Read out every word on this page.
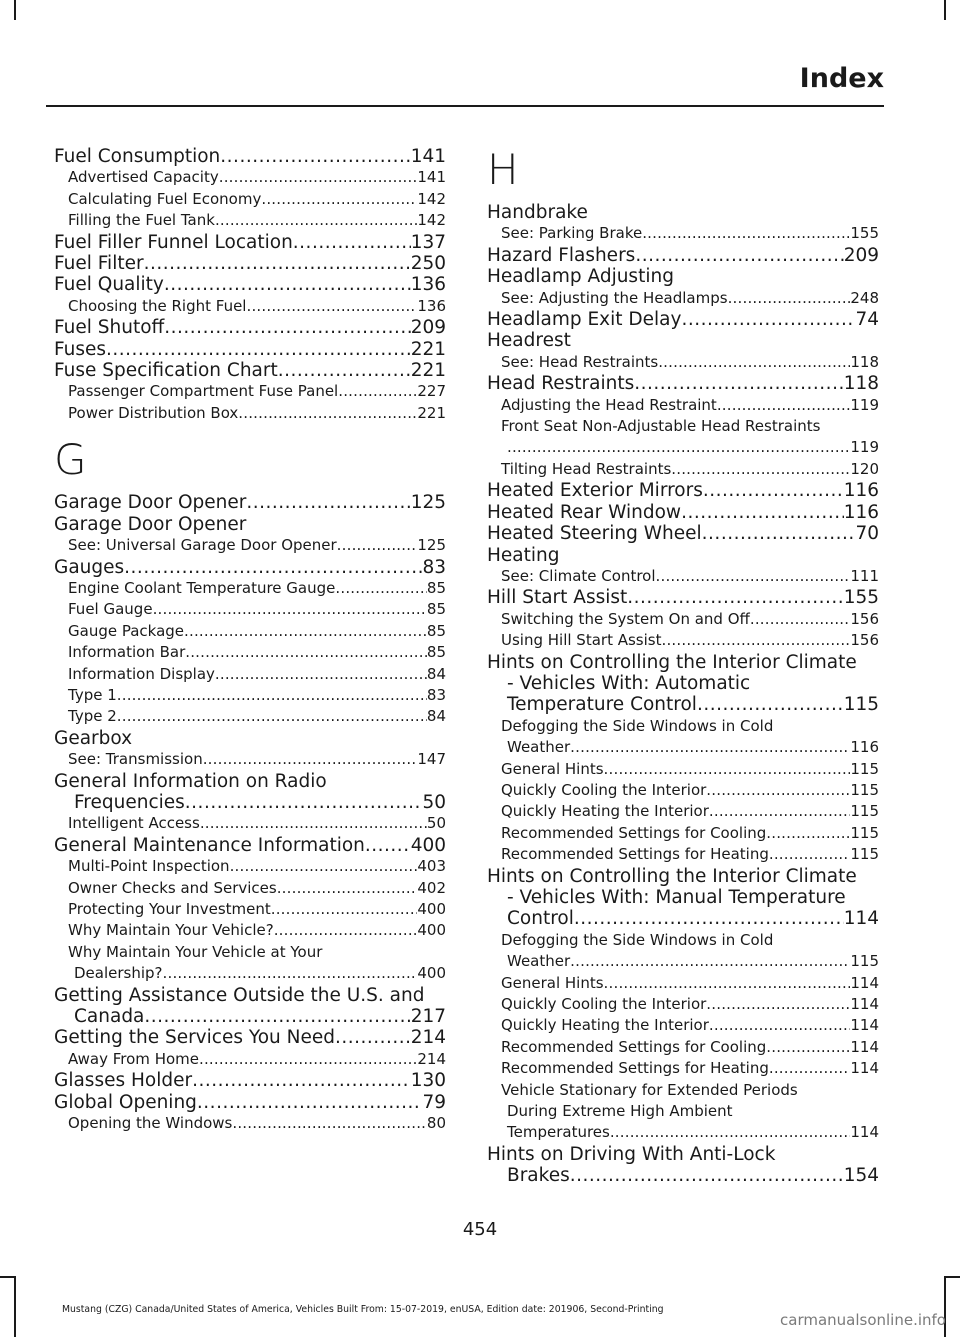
Index
Fuel Consumption .....	141
Advertised Capacity .....	141
Calculating Fuel Economy .....	142
Filling the Fuel Tank .....	142
Fuel Filler Funnel Location .....	137
Fuel Filter .....	250
Fuel Quality .....	136
Choosing the Right Fuel .....	136
Fuel Shutoff .....	209
Fuses .....	221
Fuse Specification Chart .....	221
Passenger Compartment Fuse Panel .....	227
Power Distribution Box .....	221
G
Garage Door Opener .....	125
Garage Door Opener
See: Universal Garage Door Opener .....	125
Gauges .....	83
Engine Coolant Temperature Gauge .....	85
Fuel Gauge .....	85
Gauge Package .....	85
Information Bar .....	85
Information Display .....	84
Type 1 .....	83
Type 2 .....	84
Gearbox
See: Transmission .....	147
General Information on Radio
Frequencies .....	50
Intelligent Access .....	50
General Maintenance Information ..... 400
Multi-Point Inspection .....	403
Owner Checks and Services .....	402
Protecting Your Investment .....	400
Why Maintain Your Vehicle? .....	400
Why Maintain Your Vehicle at Your
Dealership? .....	400
Getting Assistance Outside the U.S. and
Canada .....	217
Getting the Services You Need .....	214
Away From Home .....	214
Glasses Holder .....	130
Global Opening .....	79
Opening the Windows .....	80
H
Handbrake
See: Parking Brake .....	155
Hazard Flashers .....	209
Headlamp Adjusting
See: Adjusting the Headlamps .....	248
Headlamp Exit Delay .....	74
Headrest
See: Head Restraints .....	118
Head Restraints .....	118
Adjusting the Head Restraint .....	119
Front Seat Non-Adjustable Head Restraints
.....
119
Tilting Head Restraints .....	120
Heated Exterior Mirrors .....	116
Heated Rear Window .....	116
Heated Steering Wheel .....	70
Heating
See: Climate Control .....	111
Hill Start Assist .....	155
Switching the System On and Off .....	156
Using Hill Start Assist .....	156
Hints on Controlling the Interior Climate
- Vehicles With: Automatic
Temperature Control .....	115
Defogging the Side Windows in Cold
Weather .....	116
General Hints .....	115
Quickly Cooling the Interior .....	115
Quickly Heating the Interior .....	115
Recommended Settings for Cooling .....	115
Recommended Settings for Heating .....	115
Hints on Controlling the Interior Climate
- Vehicles With: Manual Temperature
Control .....	114
Defogging the Side Windows in Cold
Weather .....	115
General Hints .....	114
Quickly Cooling the Interior .....	114
Quickly Heating the Interior .....	114
Recommended Settings for Cooling .....	114
Recommended Settings for Heating .....	114
Vehicle Stationary for Extended Periods
During Extreme High Ambient
Temperatures .....	114
Hints on Driving With Anti-Lock
Brakes .....	154
454
Mustang (CZG) Canada/United States of America, Vehicles Built From: 15-07-2019, enUSA, Edition date: 201906, Second-Printing
carmanualsonline.info
